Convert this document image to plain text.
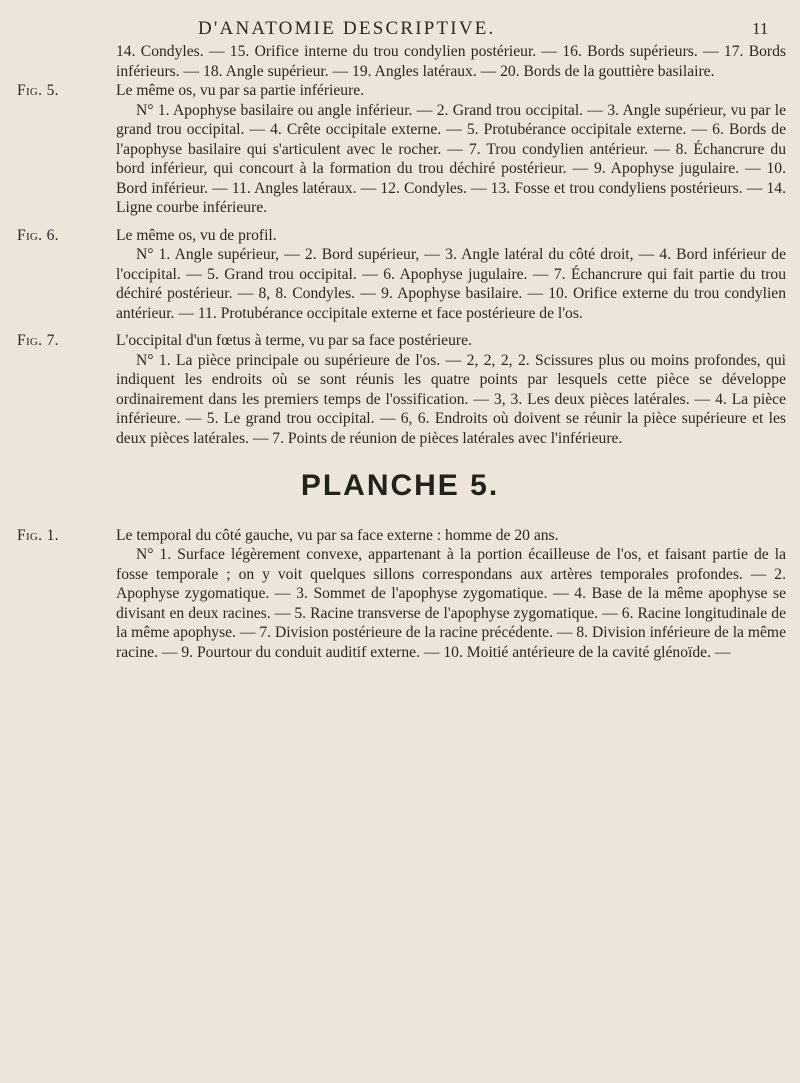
D'ANATOMIE DESCRIPTIVE.	11

14. Condyles. — 15. Orifice interne du trou condylien postérieur. — 16. Bords supérieurs. — 17. Bords inférieurs. — 18. Angle supérieur. — 19. Angles latéraux. — 20. Bords de la gouttière basilaire.

Fig. 5.	Le même os, vu par sa partie inférieure.

N° 1. Apophyse basilaire ou angle inférieur. — 2. Grand trou occipital. — 3. Angle supérieur, vu par le grand trou occipital. — 4. Crête occipitale externe. — 5. Protubérance occipitale externe. — 6. Bords de l'apophyse basilaire qui s'articulent avec le rocher. — 7. Trou condylien antérieur. — 8. Échancrure du bord inférieur, qui concourt à la formation du trou déchiré postérieur. — 9. Apophyse jugulaire. — 10. Bord inférieur. — 11. Angles latéraux. — 12. Condyles. — 13. Fosse et trou condyliens postérieurs. — 14. Ligne courbe inférieure.

Fig. 6.	Le même os, vu de profil.

N° 1. Angle supérieur, — 2. Bord supérieur, — 3. Angle latéral du côté droit, — 4. Bord inférieur de l'occipital. — 5. Grand trou occipital. — 6. Apophyse jugulaire. — 7. Échancrure qui fait partie du trou déchiré postérieur. — 8, 8. Condyles. — 9. Apophyse basilaire. — 10. Orifice externe du trou condylien antérieur. — 11. Protubérance occipitale externe et face postérieure de l'os.

Fig. 7.	L'occipital d'un fœtus à terme, vu par sa face postérieure.

N° 1. La pièce principale ou supérieure de l'os. — 2, 2, 2, 2. Scissures plus ou moins profondes, qui indiquent les endroits où se sont réunis les quatre points par lesquels cette pièce se développe ordinairement dans les premiers temps de l'ossification. — 3, 3. Les deux pièces latérales. — 4. La pièce inférieure. — 5. Le grand trou occipital. — 6, 6. Endroits où doivent se réunir la pièce supérieure et les deux pièces latérales. — 7. Points de réunion de pièces latérales avec l'inférieure.

PLANCHE 5.
Fig. 1.	Le temporal du côté gauche, vu par sa face externe : homme de 20 ans.

N° 1. Surface légèrement convexe, appartenant à la portion écailleuse de l'os, et faisant partie de la fosse temporale ; on y voit quelques sillons correspondans aux artères temporales profondes. — 2. Apophyse zygomatique. — 3. Sommet de l'apophyse zygomatique. — 4. Base de la même apophyse se divisant en deux racines. — 5. Racine transverse de l'apophyse zygomatique. — 6. Racine longitudinale de la même apophyse. — 7. Division postérieure de la racine précédente. — 8. Division inférieure de la même racine. — 9. Pourtour du conduit auditif externe. — 10. Moitié antérieure de la cavité glénoïde. —
